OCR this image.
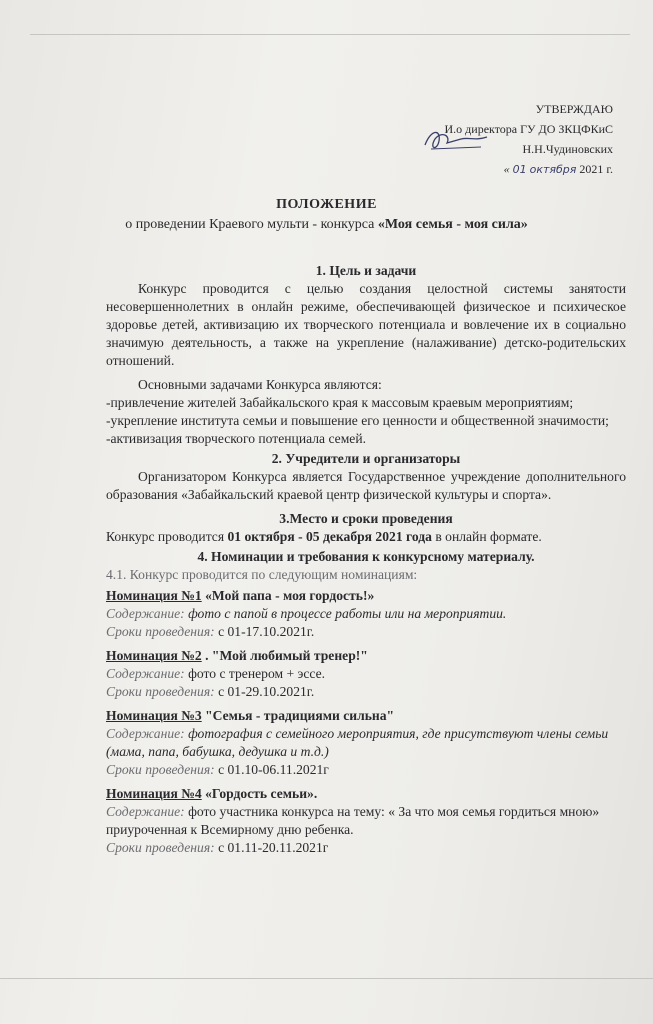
УТВЕРЖДАЮ
И.о директора ГУ ДО ЗКЦФКиС
Н.Н.Чудиновских
« 01 октября 2021 г.
ПОЛОЖЕНИЕ
о проведении Краевого мульти - конкурса «Моя семья - моя сила»
1. Цель и задачи

Конкурс проводится с целью создания целостной системы занятости несовершеннолетних в онлайн режиме, обеспечивающей физическое и психическое здоровье детей, активизацию их творческого потенциала и вовлечение их в социально значимую деятельность, а также на укрепление (налаживание) детско-родительских отношений.

Основными задачами Конкурса являются:

-привлечение жителей Забайкальского края к массовым краевым мероприятиям;

-укрепление института семьи и повышение его ценности и общественной значимости;

-активизация творческого потенциала семей.

2. Учредители и организаторы

Организатором Конкурса является Государственное учреждение дополнительного образования «Забайкальский краевой центр физической культуры и спорта».

3.Место и сроки проведения

Конкурс проводится 01 октября - 05 декабря 2021 года в онлайн формате.

4. Номинации и требования к конкурсному материалу.

4.1. Конкурс проводится по следующим номинациям:

Номинация №1 «Мой папа - моя гордость!»

Содержание: фото с папой в процессе работы или на мероприятии.

Сроки проведения: с 01-17.10.2021г.

Номинация №2 . "Мой любимый тренер!"

Содержание: фото с тренером + эссе.

Сроки проведения: с 01-29.10.2021г.

Номинация №3 "Семья - традициями сильна"

Содержание: фотография с семейного мероприятия, где присутствуют члены семьи (мама, папа, бабушка, дедушка и т.д.)

Сроки проведения: с 01.10-06.11.2021г

Номинация №4 «Гордость семьи».

Содержание: фото участника конкурса на тему: « За что моя семья гордиться мною» приуроченная к Всемирному дню ребенка.

Сроки проведения: с 01.11-20.11.2021г
